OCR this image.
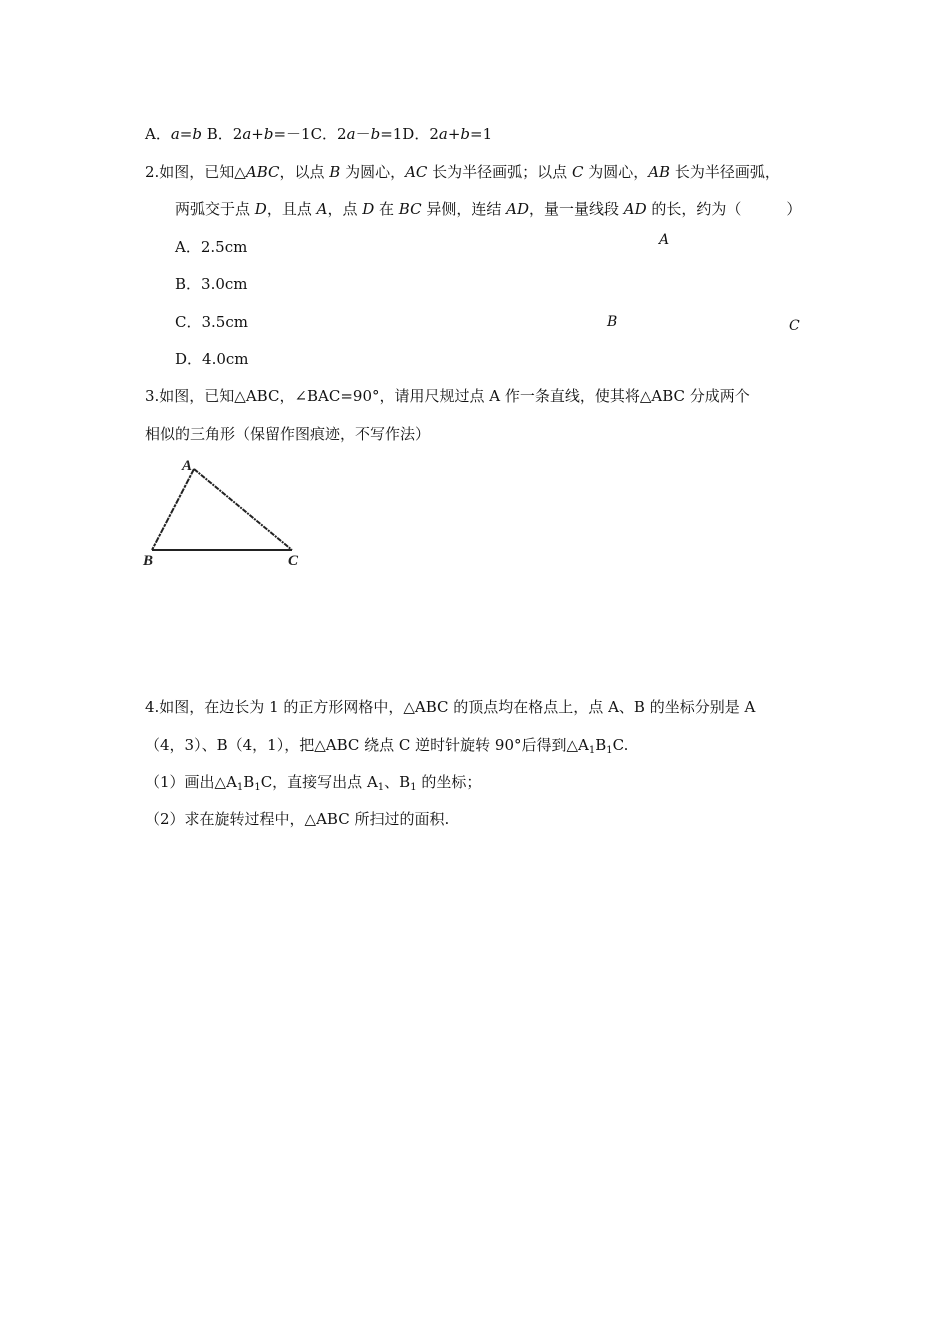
A．a=b B．2a+b=－1C．2a－b=1D．2a+b=1
2.如图，已知△ABC，以点 B 为圆心，AC 长为半径画弧；以点 C 为圆心，AB 长为半径画弧，
两弧交于点 D，且点 A，点 D 在 BC 异侧，连结 AD，量一量线段 AD 的长，约为（　　　）
A．2.5cm
B．3.0cm
C．3.5cm
D．4.0cm
A
B	C
3.如图，已知△ABC，∠BAC=90°，请用尺规过点 A 作一条直线，使其将△ABC 分成两个
相似的三角形（保留作图痕迹，不写作法）
A
B	C
4.如图，在边长为 1 的正方形网格中，△ABC 的顶点均在格点上，点 A、B 的坐标分别是 A
（4，3）、B（4，1），把△ABC 绕点 C 逆时针旋转 90°后得到$\triangle A_1B_1C$.
（1）画出$\triangle A_1B_1C$，直接写出点 $A_1$、$B_1$ 的坐标；
（2）求在旋转过程中，△ABC 所扫过的面积.
